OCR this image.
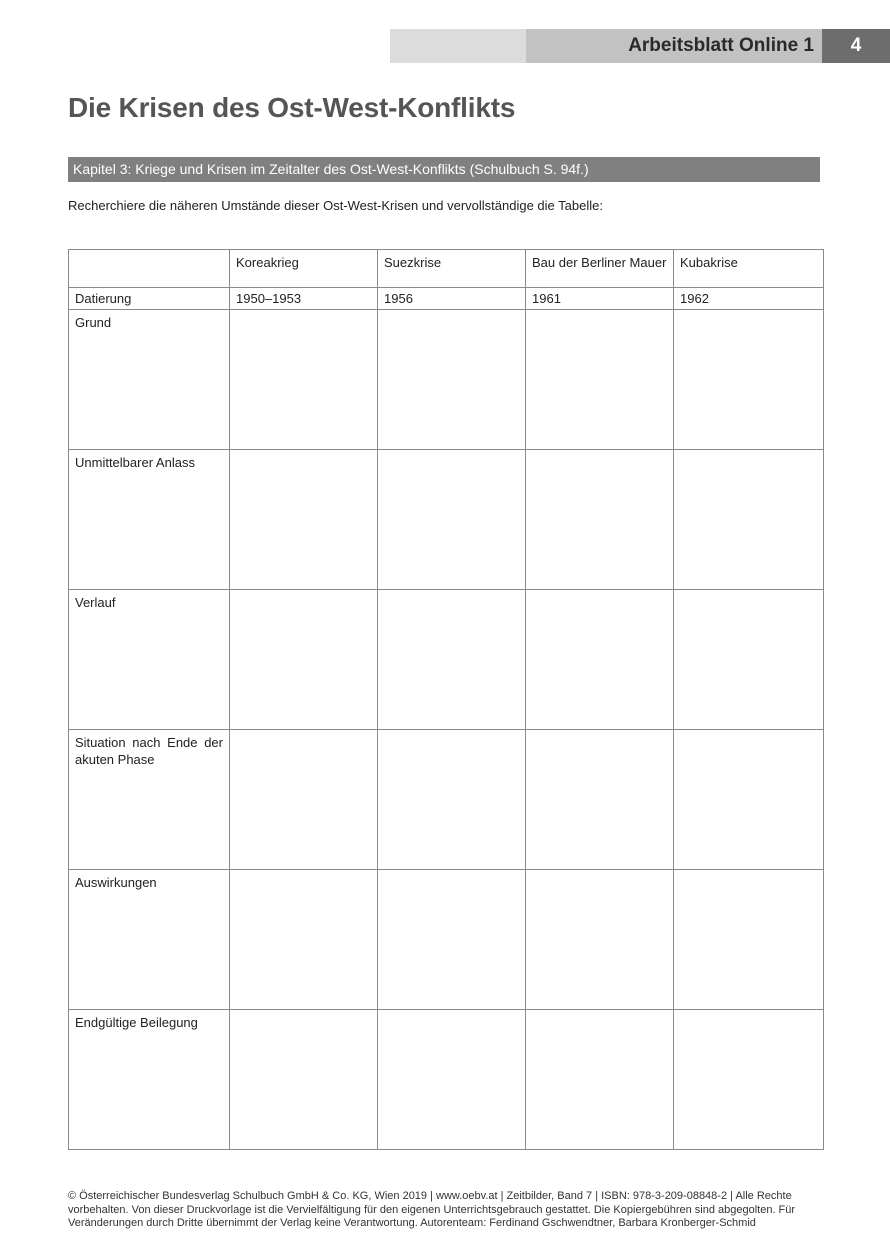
Arbeitsblatt Online 1	4
Die Krisen des Ost-West-Konflikts
Kapitel 3: Kriege und Krisen im Zeitalter des Ost-West-Konflikts (Schulbuch S. 94f.)
Recherchiere die näheren Umstände dieser Ost-West-Krisen und vervollständige die Tabelle:

	Koreakrieg	Suezkrise	Bau der Berliner Mauer	Kubakrise

Datierung	1950–1953	1956	1961	1962

Grund				

Unmittelbarer Anlass				

Verlauf				

Situation nach Ende der akuten Phase				

Auswirkungen				

Endgültige Beilegung				

© Österreichischer Bundesverlag Schulbuch GmbH & Co. KG, Wien 2019 | www.oebv.at | Zeitbilder, Band 7 | ISBN: 978-3-209-08848-2 | Alle Rechte
vorbehalten. Von dieser Druckvorlage ist die Vervielfältigung für den eigenen Unterrichtsgebrauch gestattet. Die Kopiergebühren sind abgegolten. Für
Veränderungen durch Dritte übernimmt der Verlag keine Verantwortung. Autorenteam: Ferdinand Gschwendtner, Barbara Kronberger-Schmid
